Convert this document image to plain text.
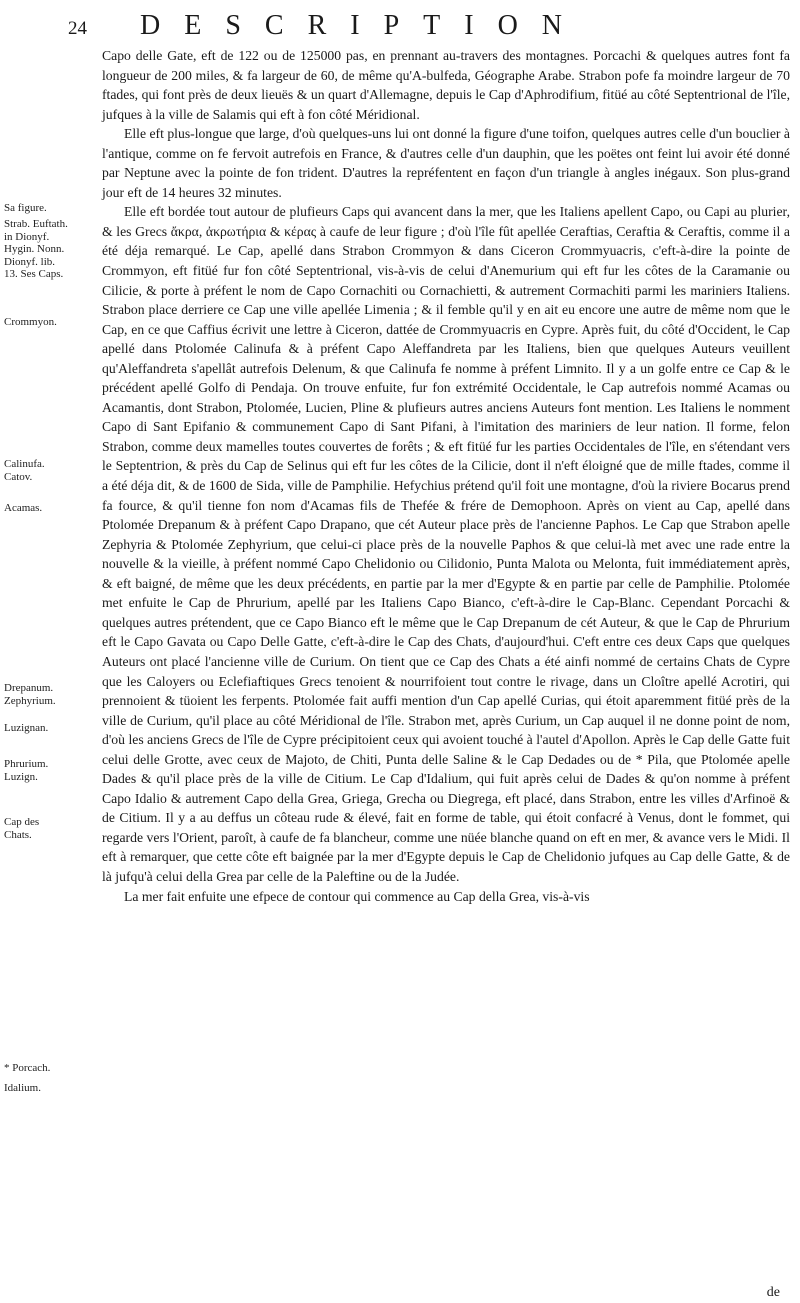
24 DESCRIPTION
Sa figure.
Strab. Euftath. in Dionyf. Hygin. Nonn. Dionyf. lib. 13. Ses Caps.
Crommyon.
Calinufa. Catov.
Acamas.
Drepanum. Zephyrium.
Luzignan.
Phrurium. Luzign.
Cap des Chats.
* Porcach.
Idalium.

Capo delle Gate, eft de 122 ou de 125000 pas, en prennant au-travers des montagnes. Porcachi & quelques autres font fa longueur de 200 miles, & fa largeur de 60, de même qu'A-bulfeda, Géographe Arabe. Strabon pofe fa moindre largeur de 70 ftades, qui font près de deux lieuës & un quart d'Allemagne, depuis le Cap d'Aphrodifium, fitüé au côté Septentrional de l'île, jufques à la ville de Salamis qui eft à fon côté Méridional.

Elle eft plus-longue que large, d'où quelques-uns lui ont donné la figure d'une toifon, quelques autres celle d'un bouclier à l'antique, comme on fe fervoit autrefois en France, & d'autres celle d'un dauphin, que les poëtes ont feint lui avoir été donné par Neptune avec la pointe de fon trident. D'autres la repréfentent en façon d'un triangle à angles inégaux. Son plus-grand jour eft de 14 heures 32 minutes.

Elle eft bordée tout autour de plufieurs Caps qui avancent dans la mer, que les Italiens apellent Capo, ou Capi au plurier, & les Grecs ἄκρα, ἀκρωτήρια & κέρας à caufe de leur figure ; d'où l'île fût apellée Ceraftias, Ceraftia & Ceraftis, comme il a été déja remarqué. Le Cap, apellé dans Strabon Crommyon & dans Ciceron Crommyuacris, c'eft-à-dire la pointe de Crommyon, eft fitüé fur fon côté Septentrional, vis-à-vis de celui d'Anemurium qui eft fur les côtes de la Caramanie ou Cilicie, & porte à préfent le nom de Capo Cornachiti ou Cornachietti, & autrement Cormachiti parmi les mariniers Italiens. Strabon place derriere ce Cap une ville apellée Limenia ; & il femble qu'il y en ait eu encore une autre de même nom que le Cap, en ce que Caffius écrivit une lettre à Ciceron, dattée de Crommyuacris en Cypre. Après fuit, du côté d'Occident, le Cap apellé dans Ptolomée Calinufa & à préfent Capo Aleffandreta par les Italiens, bien que quelques Auteurs veuillent qu'Aleffandreta s'apellât autrefois Delenum, & que Calinufa fe nomme à préfent Limnito. Il y a un golfe entre ce Cap & le précédent apellé Golfo di Pendaja. On trouve enfuite, fur fon extrémité Occidentale, le Cap autrefois nommé Acamas ou Acamantis, dont Strabon, Ptolomée, Lucien, Pline & plufieurs autres anciens Auteurs font mention. Les Italiens le nomment Capo di Sant Epifanio & communement Capo di Sant Pifani, à l'imitation des mariniers de leur nation. Il forme, felon Strabon, comme deux mamelles toutes couvertes de forêts ; & eft fitüé fur les parties Occidentales de l'île, en s'étendant vers le Septentrion, & près du Cap de Selinus qui eft fur les côtes de la Cilicie, dont il n'eft éloigné que de mille ftades, comme il a été déja dit, & de 1600 de Sida, ville de Pamphilie. Hefychius prétend qu'il foit une montagne, d'où la riviere Bocarus prend fa fource, & qu'il tienne fon nom d'Acamas fils de Thefée & frére de Demophoon. Après on vient au Cap, apellé dans Ptolomée Drepanum & à préfent Capo Drapano, que cét Auteur place près de l'ancienne Paphos. Le Cap que Strabon apelle Zephyria & Ptolomée Zephyrium, que celui-ci place près de la nouvelle Paphos & que celui-là met avec une rade entre la nouvelle & la vieille, à préfent nommé Capo Chelidonio ou Cilidonio, Punta Malota ou Melonta, fuit immédiatement après, & eft baigné, de même que les deux précédents, en partie par la mer d'Egypte & en partie par celle de Pamphilie. Ptolomée met enfuite le Cap de Phrurium, apellé par les Italiens Capo Bianco, c'eft-à-dire le Cap-Blanc. Cependant Porcachi & quelques autres prétendent, que ce Capo Bianco eft le même que le Cap Drepanum de cét Auteur, & que le Cap de Phrurium eft le Capo Gavata ou Capo Delle Gatte, c'eft-à-dire le Cap des Chats, d'aujourd'hui. C'eft entre ces deux Caps que quelques Auteurs ont placé l'ancienne ville de Curium. On tient que ce Cap des Chats a été ainfi nommé de certains Chats de Cypre que les Caloyers ou Eclefiaftiques Grecs tenoient & nourrifoient tout contre le rivage, dans un Cloître apellé Acrotiri, qui prennoient & tüoient les ferpents. Ptolomée fait auffi mention d'un Cap apellé Curias, qui étoit aparemment fitüé près de la ville de Curium, qu'il place au côté Méridional de l'île. Strabon met, après Curium, un Cap auquel il ne donne point de nom, d'où les anciens Grecs de l'île de Cypre précipitoient ceux qui avoient touché à l'autel d'Apollon. Après le Cap delle Gatte fuit celui delle Grotte, avec ceux de Majoto, de Chiti, Punta delle Saline & le Cap Dedades ou de * Pila, que Ptolomée apelle Dades & qu'il place près de la ville de Citium. Le Cap d'Idalium, qui fuit après celui de Dades & qu'on nomme à préfent Capo Idalio & autrement Capo della Grea, Griega, Grecha ou Diegrega, eft placé, dans Strabon, entre les villes d'Arfinoë & de Citium. Il y a au deffus un côteau rude & élevé, fait en forme de table, qui étoit confacré à Venus, dont le fommet, qui regarde vers l'Orient, paroît, à caufe de fa blancheur, comme une nüée blanche quand on eft en mer, & avance vers le Midi. Il eft à remarquer, que cette côte eft baignée par la mer d'Egypte depuis le Cap de Chelidonio jufques au Cap delle Gatte, & de là jufqu'à celui della Grea par celle de la Paleftine ou de la Judée.

La mer fait enfuite une efpece de contour qui commence au Cap della Grea, vis-à-vis

de
